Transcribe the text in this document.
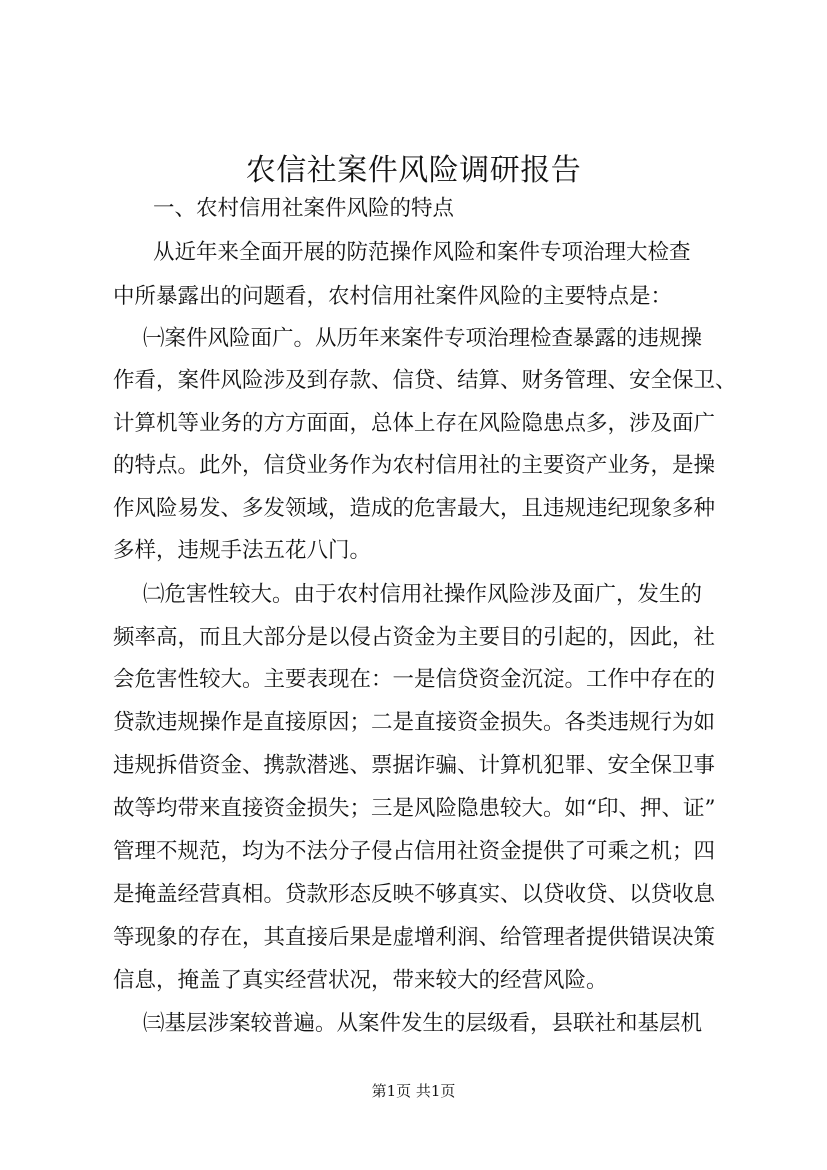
农信社案件风险调研报告
一、农村信用社案件风险的特点
从近年来全面开展的防范操作风险和案件专项治理大检查
中所暴露出的问题看，农村信用社案件风险的主要特点是：
㈠案件风险面广。从历年来案件专项治理检查暴露的违规操
作看，案件风险涉及到存款、信贷、结算、财务管理、安全保卫、
计算机等业务的方方面面，总体上存在风险隐患点多，涉及面广
的特点。此外，信贷业务作为农村信用社的主要资产业务，是操
作风险易发、多发领域，造成的危害最大，且违规违纪现象多种
多样，违规手法五花八门。
㈡危害性较大。由于农村信用社操作风险涉及面广，发生的
频率高，而且大部分是以侵占资金为主要目的引起的，因此，社
会危害性较大。主要表现在：一是信贷资金沉淀。工作中存在的
贷款违规操作是直接原因；二是直接资金损失。各类违规行为如
违规拆借资金、携款潜逃、票据诈骗、计算机犯罪、安全保卫事
故等均带来直接资金损失；三是风险隐患较大。如“印、押、证”
管理不规范，均为不法分子侵占信用社资金提供了可乘之机；四
是掩盖经营真相。贷款形态反映不够真实、以贷收贷、以贷收息
等现象的存在，其直接后果是虚增利润、给管理者提供错误决策
信息，掩盖了真实经营状况，带来较大的经营风险。
㈢基层涉案较普遍。从案件发生的层级看，县联社和基层机
第1页 共1页
